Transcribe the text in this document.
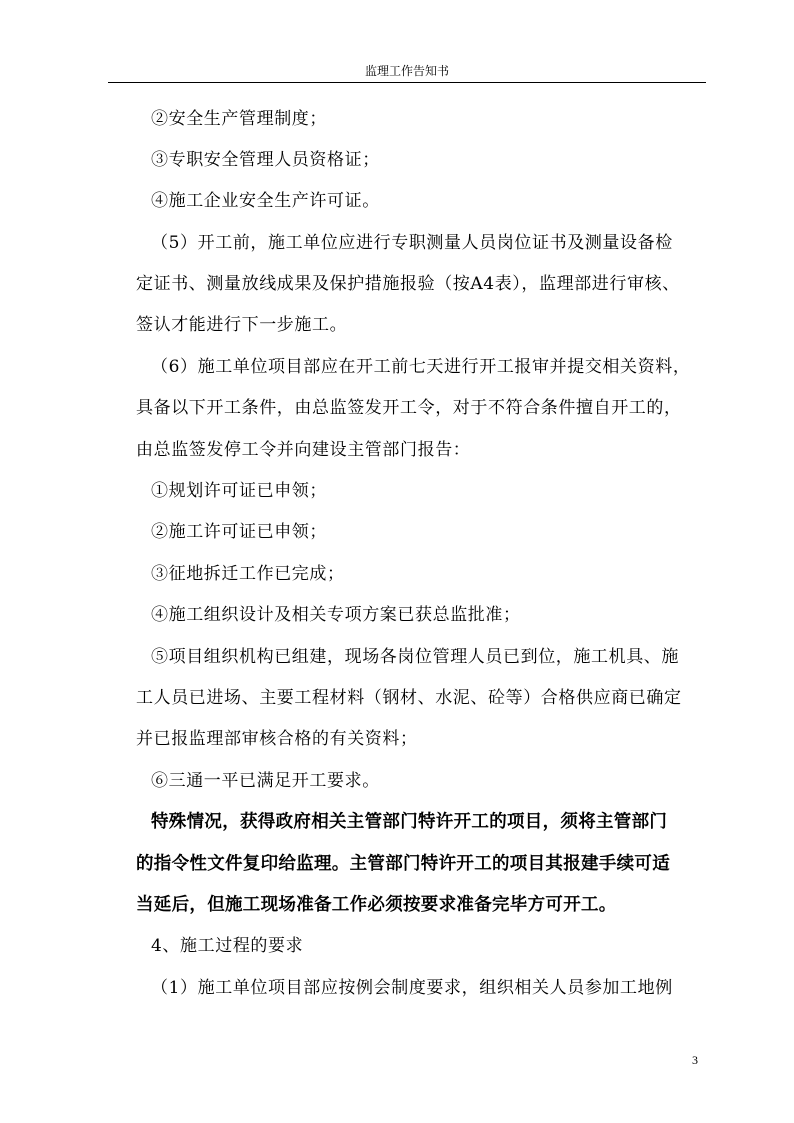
监理工作告知书
②安全生产管理制度；
③专职安全管理人员资格证；
④施工企业安全生产许可证。
（5）开工前，施工单位应进行专职测量人员岗位证书及测量设备检
定证书、测量放线成果及保护措施报验（按A4表），监理部进行审核、
签认才能进行下一步施工。
（6）施工单位项目部应在开工前七天进行开工报审并提交相关资料，
具备以下开工条件，由总监签发开工令，对于不符合条件擅自开工的，
由总监签发停工令并向建设主管部门报告：
①规划许可证已申领；
②施工许可证已申领；
③征地拆迁工作已完成；
④施工组织设计及相关专项方案已获总监批准；
⑤项目组织机构已组建，现场各岗位管理人员已到位，施工机具、施
工人员已进场、主要工程材料（钢材、水泥、砼等）合格供应商已确定
并已报监理部审核合格的有关资料；
⑥三通一平已满足开工要求。
特殊情况，获得政府相关主管部门特许开工的项目，须将主管部门
的指令性文件复印给监理。主管部门特许开工的项目其报建手续可适
当延后，但施工现场准备工作必须按要求准备完毕方可开工。
4、施工过程的要求
（1）施工单位项目部应按例会制度要求，组织相关人员参加工地例
3
